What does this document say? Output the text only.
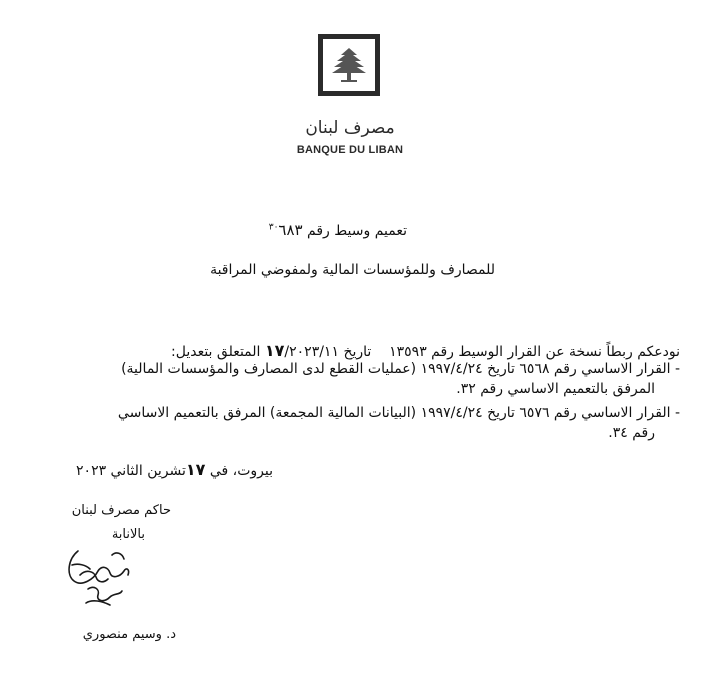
مصرف لبنان
BANQUE DU LIBAN
تعميم وسيط رقم $^{٣٠}$٦٨٣
للمصارف وللمؤسسات المالية ولمفوضي المراقبة
نودعكم ربطاً نسخة عن القرار الوسيط رقم ١٣٥٩٣    تاريخ ١٧/٢٠٢٣/١١ المتعلق بتعديل:
- القرار الاساسي رقم ٦٥٦٨ تاريخ ١٩٩٧/٤/٢٤ (عمليات القطع لدى المصارف والمؤسسات المالية)
المرفق بالتعميم الاساسي رقم ٣٢.
- القرار الاساسي رقم ٦٥٧٦ تاريخ ١٩٩٧/٤/٢٤ (البيانات المالية المجمعة) المرفق بالتعميم الاساسي
رقم ٣٤.
بيروت، في ١٧تشرين الثاني ٢٠٢٣
حاكم مصرف لبنان
بالانابة
د. وسيم منصوري
